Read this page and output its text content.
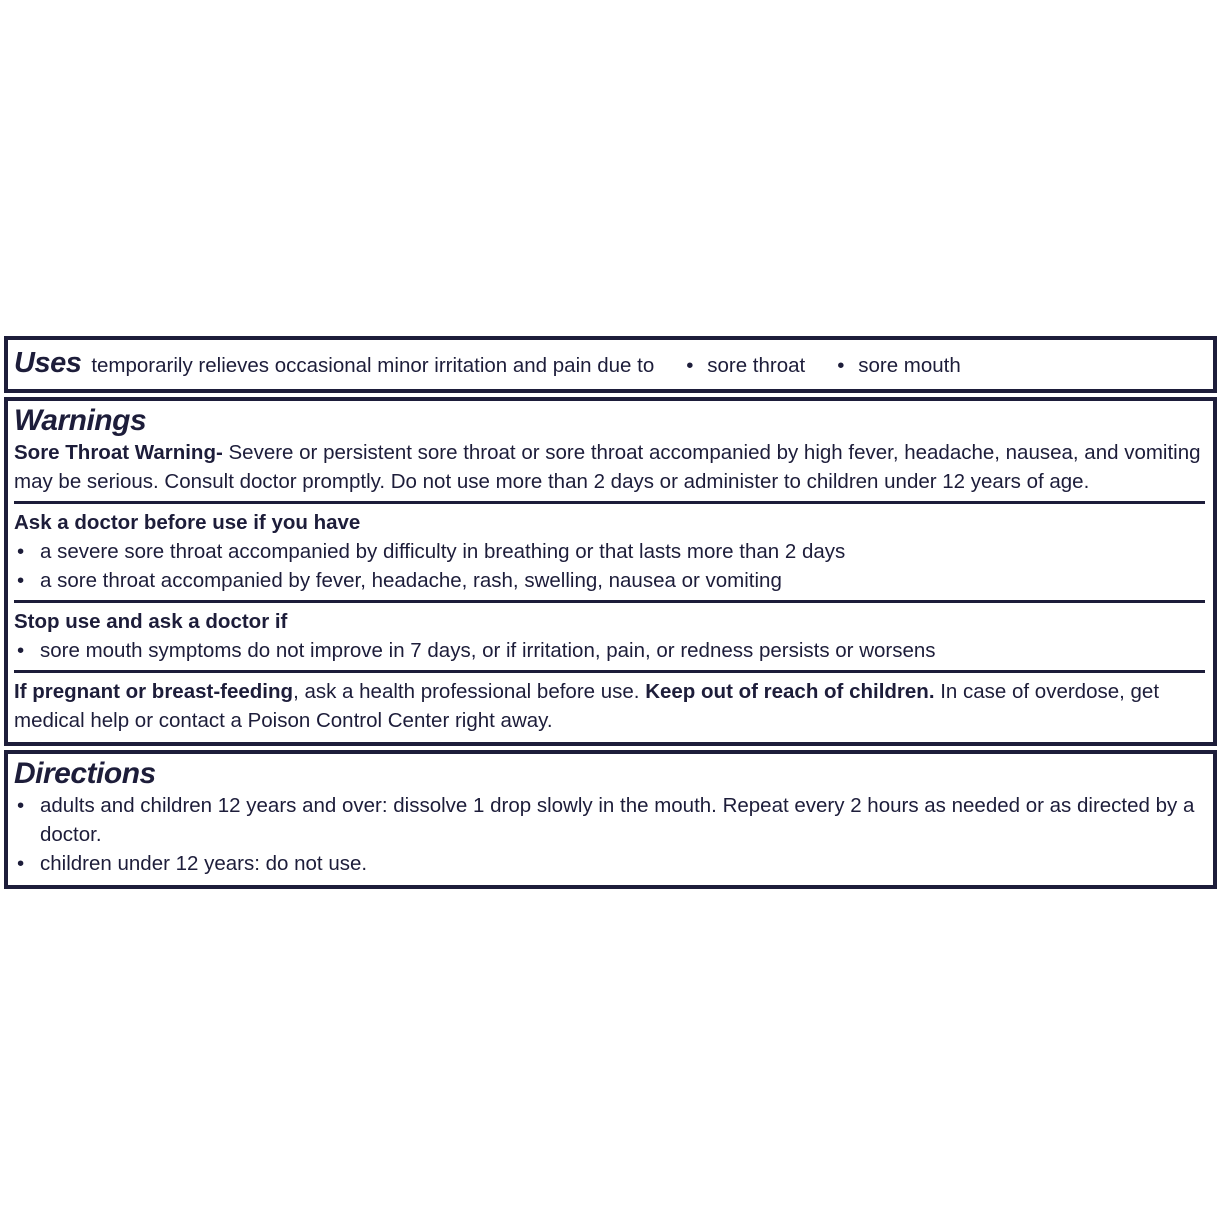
Uses temporarily relieves occasional minor irritation and pain due to	• sore throat	• sore mouth
Warnings

Sore Throat Warning- Severe or persistent sore throat or sore throat accompanied by high fever, headache, nausea, and vomiting may be serious. Consult doctor promptly. Do not use more than 2 days or administer to children under 12 years of age.

Ask a doctor before use if you have
• a severe sore throat accompanied by difficulty in breathing or that lasts more than 2 days
• a sore throat accompanied by fever, headache, rash, swelling, nausea or vomiting
Stop use and ask a doctor if
• sore mouth symptoms do not improve in 7 days, or if irritation, pain, or redness persists or worsens

If pregnant or breast-feeding, ask a health professional before use. Keep out of reach of children. In case of overdose, get medical help or contact a Poison Control Center right away.

Directions
• adults and children 12 years and over: dissolve 1 drop slowly in the mouth. Repeat every 2 hours as needed or as directed by a doctor.
• children under 12 years: do not use.
